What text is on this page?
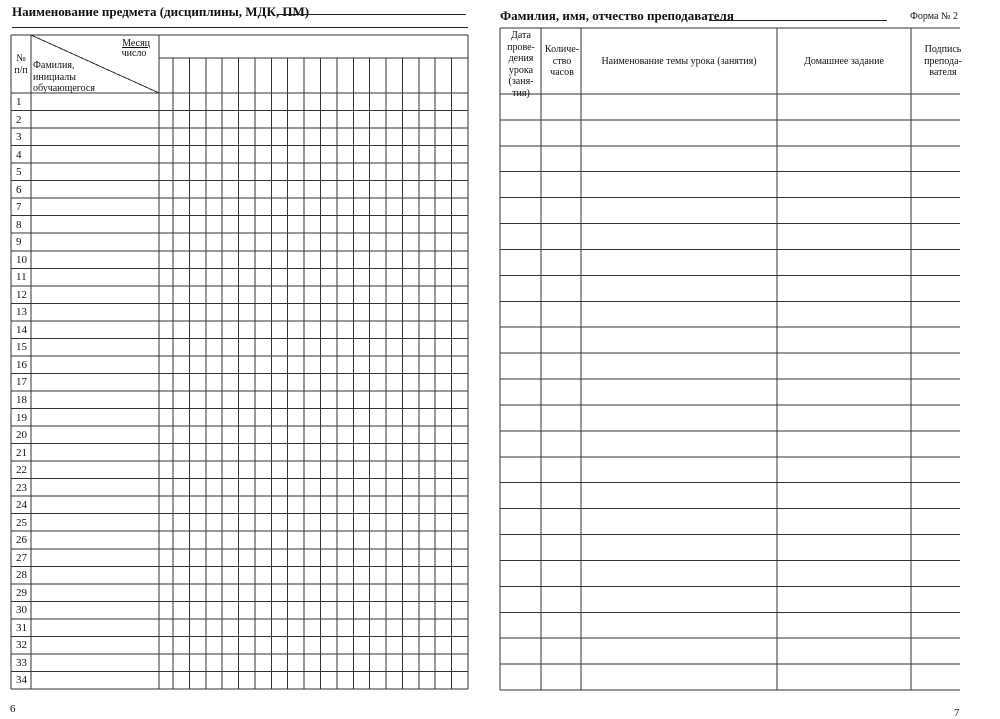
Наименование предмета (дисциплины, МДК, ПМ)
№
п/п Фамилия,
инициалы
обучающегося
Месяц
число
1
2
3
4
5
6
7
8
9
10
11
12
13
14
15
16
17
18
19
20
21
22
23
24
25
26
27
28
29
30
31
32
33
34
6
Фамилия, имя, отчество преподавателя	Форма № 2
Дата
прове-
дения
урока
(заня-
тия)
Количе-
ство
часов
Наименование темы урока (занятия)	Домашнее задание
Подпись
преподa-
вателя
7
